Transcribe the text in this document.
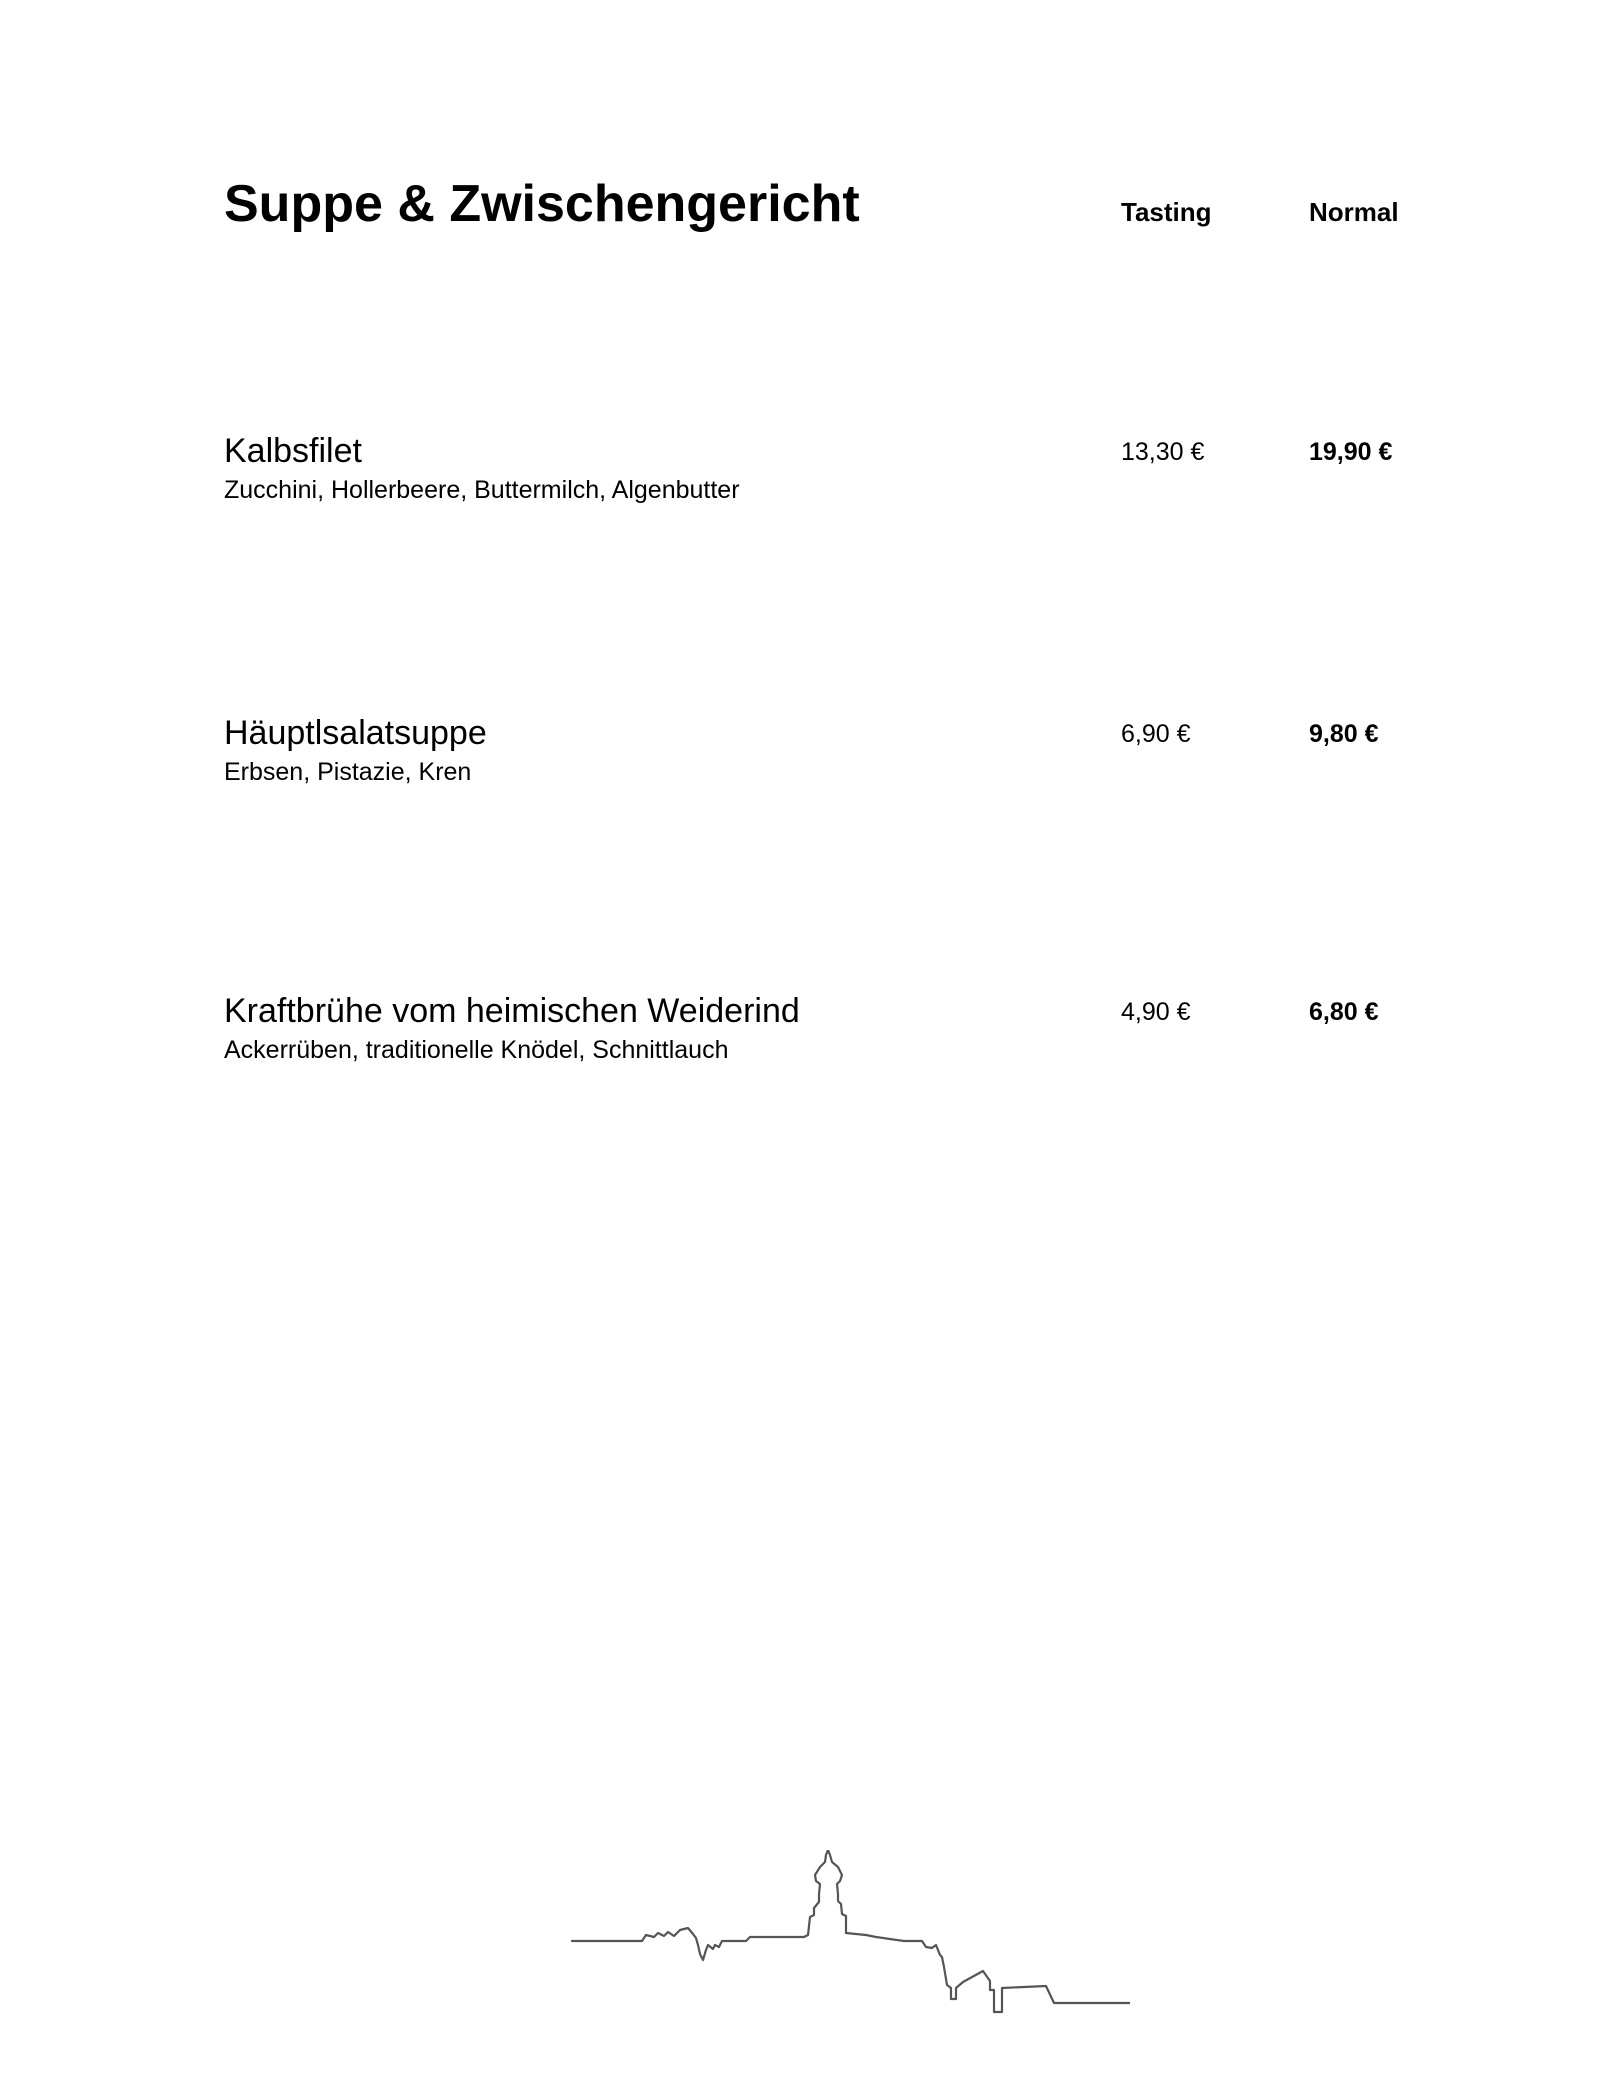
Suppe & Zwischengericht	Tasting	Normal
Kalbsfilet
Zucchini, Hollerbeere, Buttermilch, Algenbutter
13,30 €	19,90 €
Häuptlsalatsuppe
Erbsen, Pistazie, Kren
6,90 €	9,80 €
Kraftbrühe vom heimischen Weiderind
Ackerrüben, traditionelle Knödel, Schnittlauch
4,90 €	6,80 €
